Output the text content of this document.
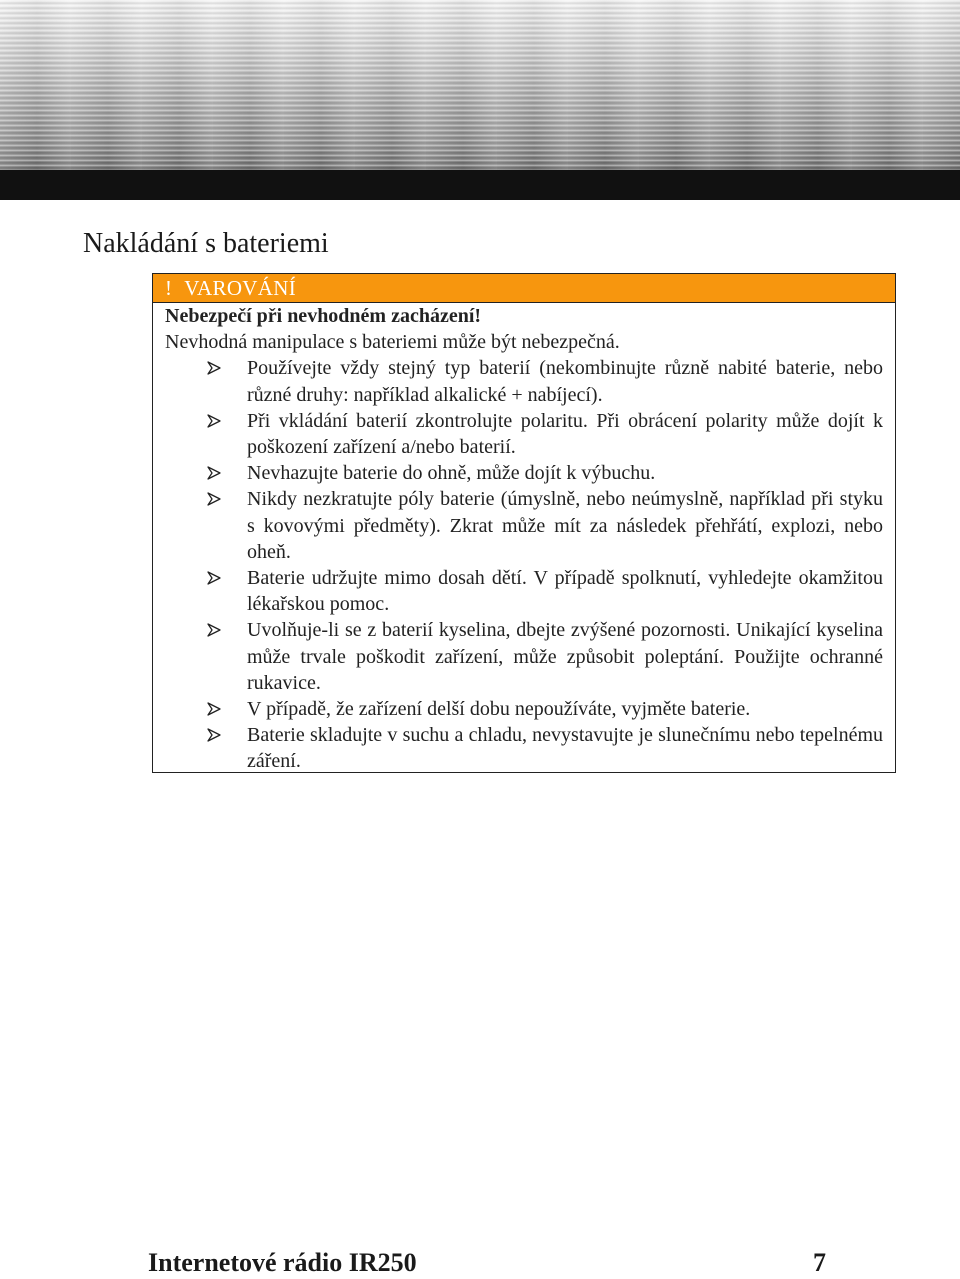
Nakládání s bateriemi
! VAROVÁNÍ
Nebezpečí při nevhodném zacházení!

Nevhodná manipulace s bateriemi může být nebezpečná.

Používejte vždy stejný typ baterií (nekombinujte různě nabité baterie, nebo různé druhy: například alkalické + nabíjecí).
Při vkládání baterií zkontrolujte polaritu. Při obrácení polarity může dojít k poškození zařízení a/nebo baterií.
Nevhazujte baterie do ohně, může dojít k výbuchu.
Nikdy nezkratujte póly baterie (úmyslně, nebo neúmyslně, například při styku s kovovými předměty). Zkrat může mít za následek přehřátí, explozi, nebo oheň.
Baterie udržujte mimo dosah dětí. V případě spolknutí, vyhledejte okamžitou lékařskou pomoc.
Uvolňuje-li se z baterií kyselina, dbejte zvýšené pozornosti. Unikající kyselina může trvale poškodit zařízení, může způsobit poleptání. Použijte ochranné rukavice.
V případě, že zařízení delší dobu nepoužíváte, vyjměte baterie.
Baterie skladujte v suchu a chladu, nevystavujte je slunečnímu nebo tepelnému záření.
Internetové rádio IR250	7
